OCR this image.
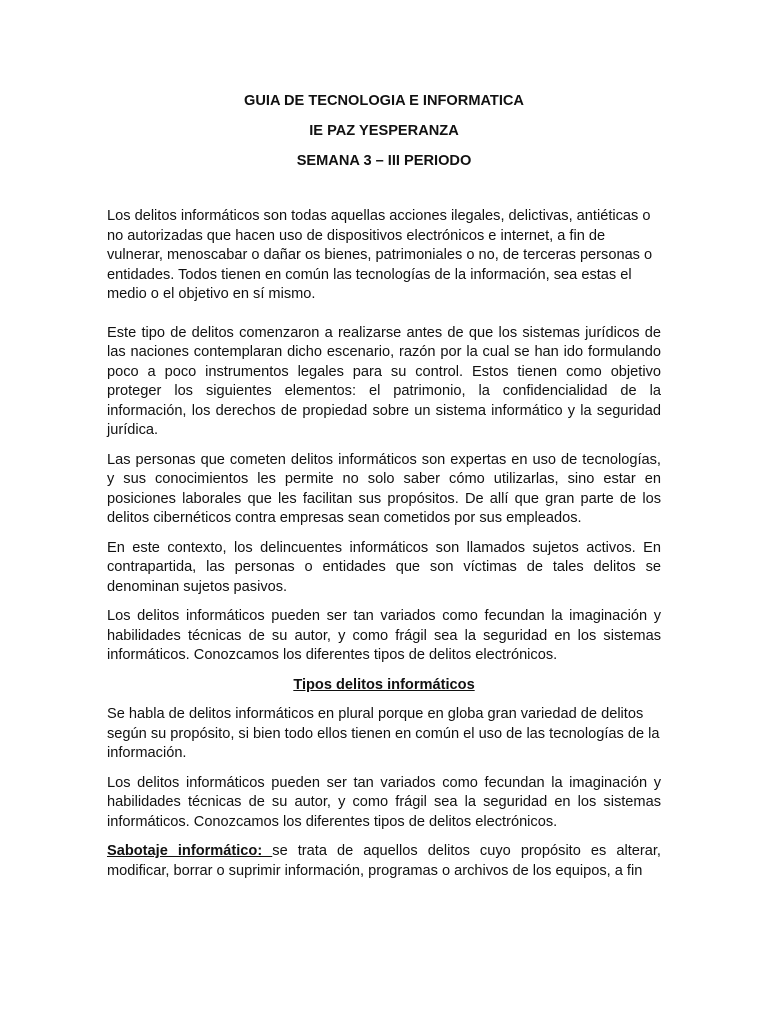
GUIA DE TECNOLOGIA E INFORMATICA
IE PAZ YESPERANZA
SEMANA 3 – III PERIODO

Los delitos informáticos son todas aquellas acciones ilegales, delictivas, antiéticas o no autorizadas que hacen uso de dispositivos electrónicos e internet, a fin de vulnerar, menoscabar o dañar os bienes, patrimoniales o no, de terceras personas o entidades. Todos tienen en común las tecnologías de la información, sea estas el medio o el objetivo en sí mismo.

Este tipo de delitos comenzaron a realizarse antes de que los sistemas jurídicos de las naciones contemplaran dicho escenario, razón por la cual se han ido formulando poco a poco instrumentos legales para su control. Estos tienen como objetivo proteger los siguientes elementos: el patrimonio, la confidencialidad de la información, los derechos de propiedad sobre un sistema informático y la seguridad jurídica.

Las personas que cometen delitos informáticos son expertas en uso de tecnologías, y sus conocimientos les permite no solo saber cómo utilizarlas, sino estar en posiciones laborales que les facilitan sus propósitos. De allí que gran parte de los delitos cibernéticos contra empresas sean cometidos por sus empleados.

En este contexto, los delincuentes informáticos son llamados sujetos activos. En contrapartida, las personas o entidades que son víctimas de tales delitos se denominan sujetos pasivos.

Los delitos informáticos pueden ser tan variados como fecundan la imaginación y habilidades técnicas de su autor, y como frágil sea la seguridad en los sistemas informáticos. Conozcamos los diferentes tipos de delitos electrónicos.

Tipos delitos informáticos

Se habla de delitos informáticos en plural porque en globa gran variedad de delitos según su propósito, si bien todo ellos tienen en común el uso de las tecnologías de la información.

Los delitos informáticos pueden ser tan variados como fecundan la imaginación y habilidades técnicas de su autor, y como frágil sea la seguridad en los sistemas informáticos. Conozcamos los diferentes tipos de delitos electrónicos.

Sabotaje informático: se trata de aquellos delitos cuyo propósito es alterar, modificar, borrar o suprimir información, programas o archivos de los equipos, a fin
